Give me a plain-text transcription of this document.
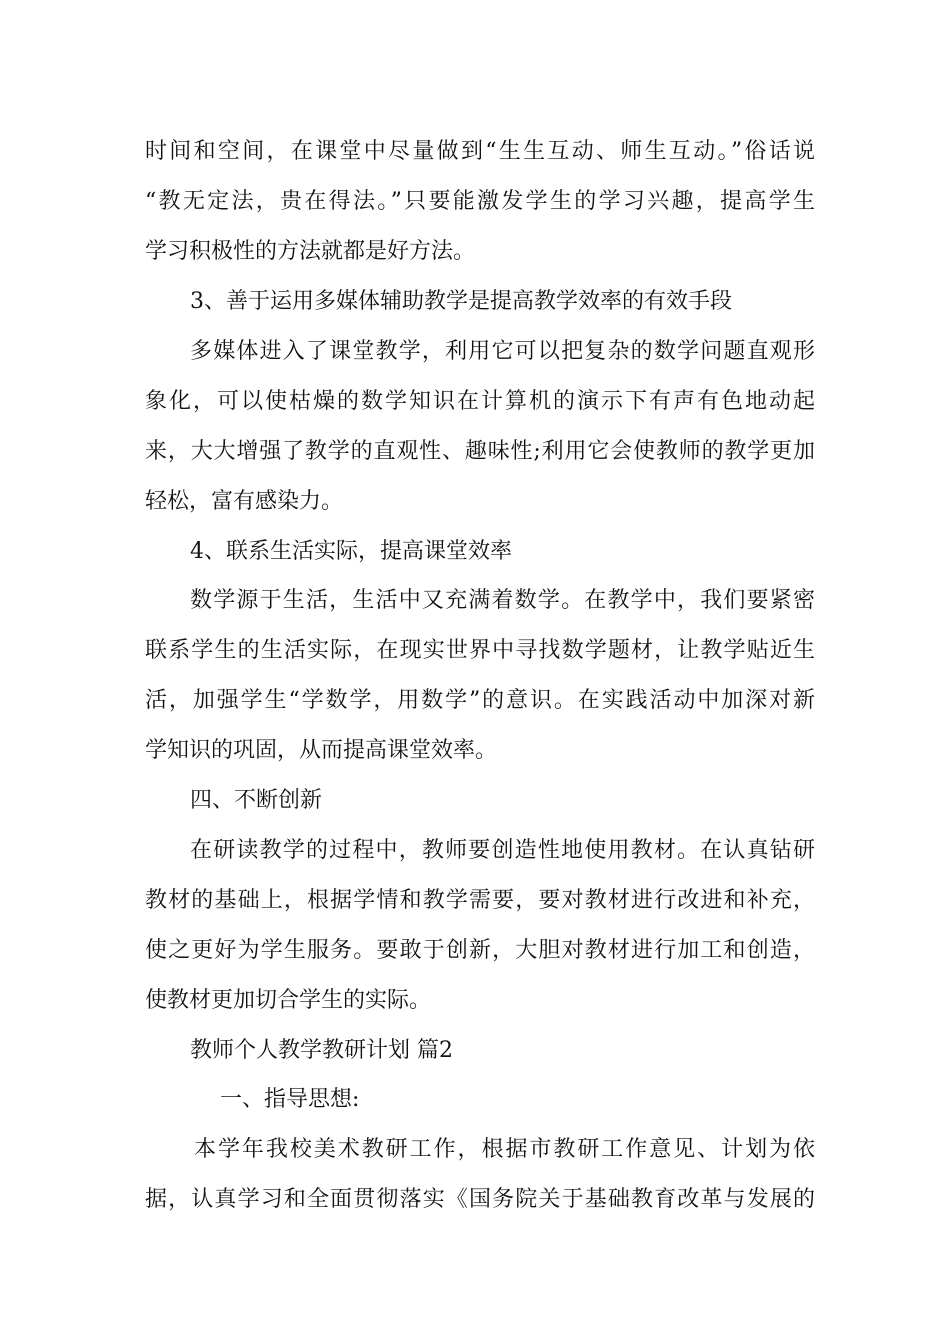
时间和空间，在课堂中尽量做到“生生互动、师生互动。”俗话说
“教无定法，贵在得法。”只要能激发学生的学习兴趣，提高学生
学习积极性的方法就都是好方法。
3、善于运用多媒体辅助教学是提高教学效率的有效手段
多媒体进入了课堂教学，利用它可以把复杂的数学问题直观形
象化，可以使枯燥的数学知识在计算机的演示下有声有色地动起
来，大大增强了教学的直观性、趣味性;利用它会使教师的教学更加
轻松，富有感染力。
4、联系生活实际，提高课堂效率
数学源于生活，生活中又充满着数学。在教学中，我们要紧密
联系学生的生活实际，在现实世界中寻找数学题材，让教学贴近生
活，加强学生“学数学，用数学”的意识。在实践活动中加深对新
学知识的巩固，从而提高课堂效率。
四、不断创新
在研读教学的过程中，教师要创造性地使用教材。在认真钻研
教材的基础上，根据学情和教学需要，要对教材进行改进和补充，
使之更好为学生服务。要敢于创新，大胆对教材进行加工和创造，
使教材更加切合学生的实际。
教师个人教学教研计划 篇2
一、指导思想:
本学年我校美术教研工作，根据市教研工作意见、计划为依
据，认真学习和全面贯彻落实《国务院关于基础教育改革与发展的
